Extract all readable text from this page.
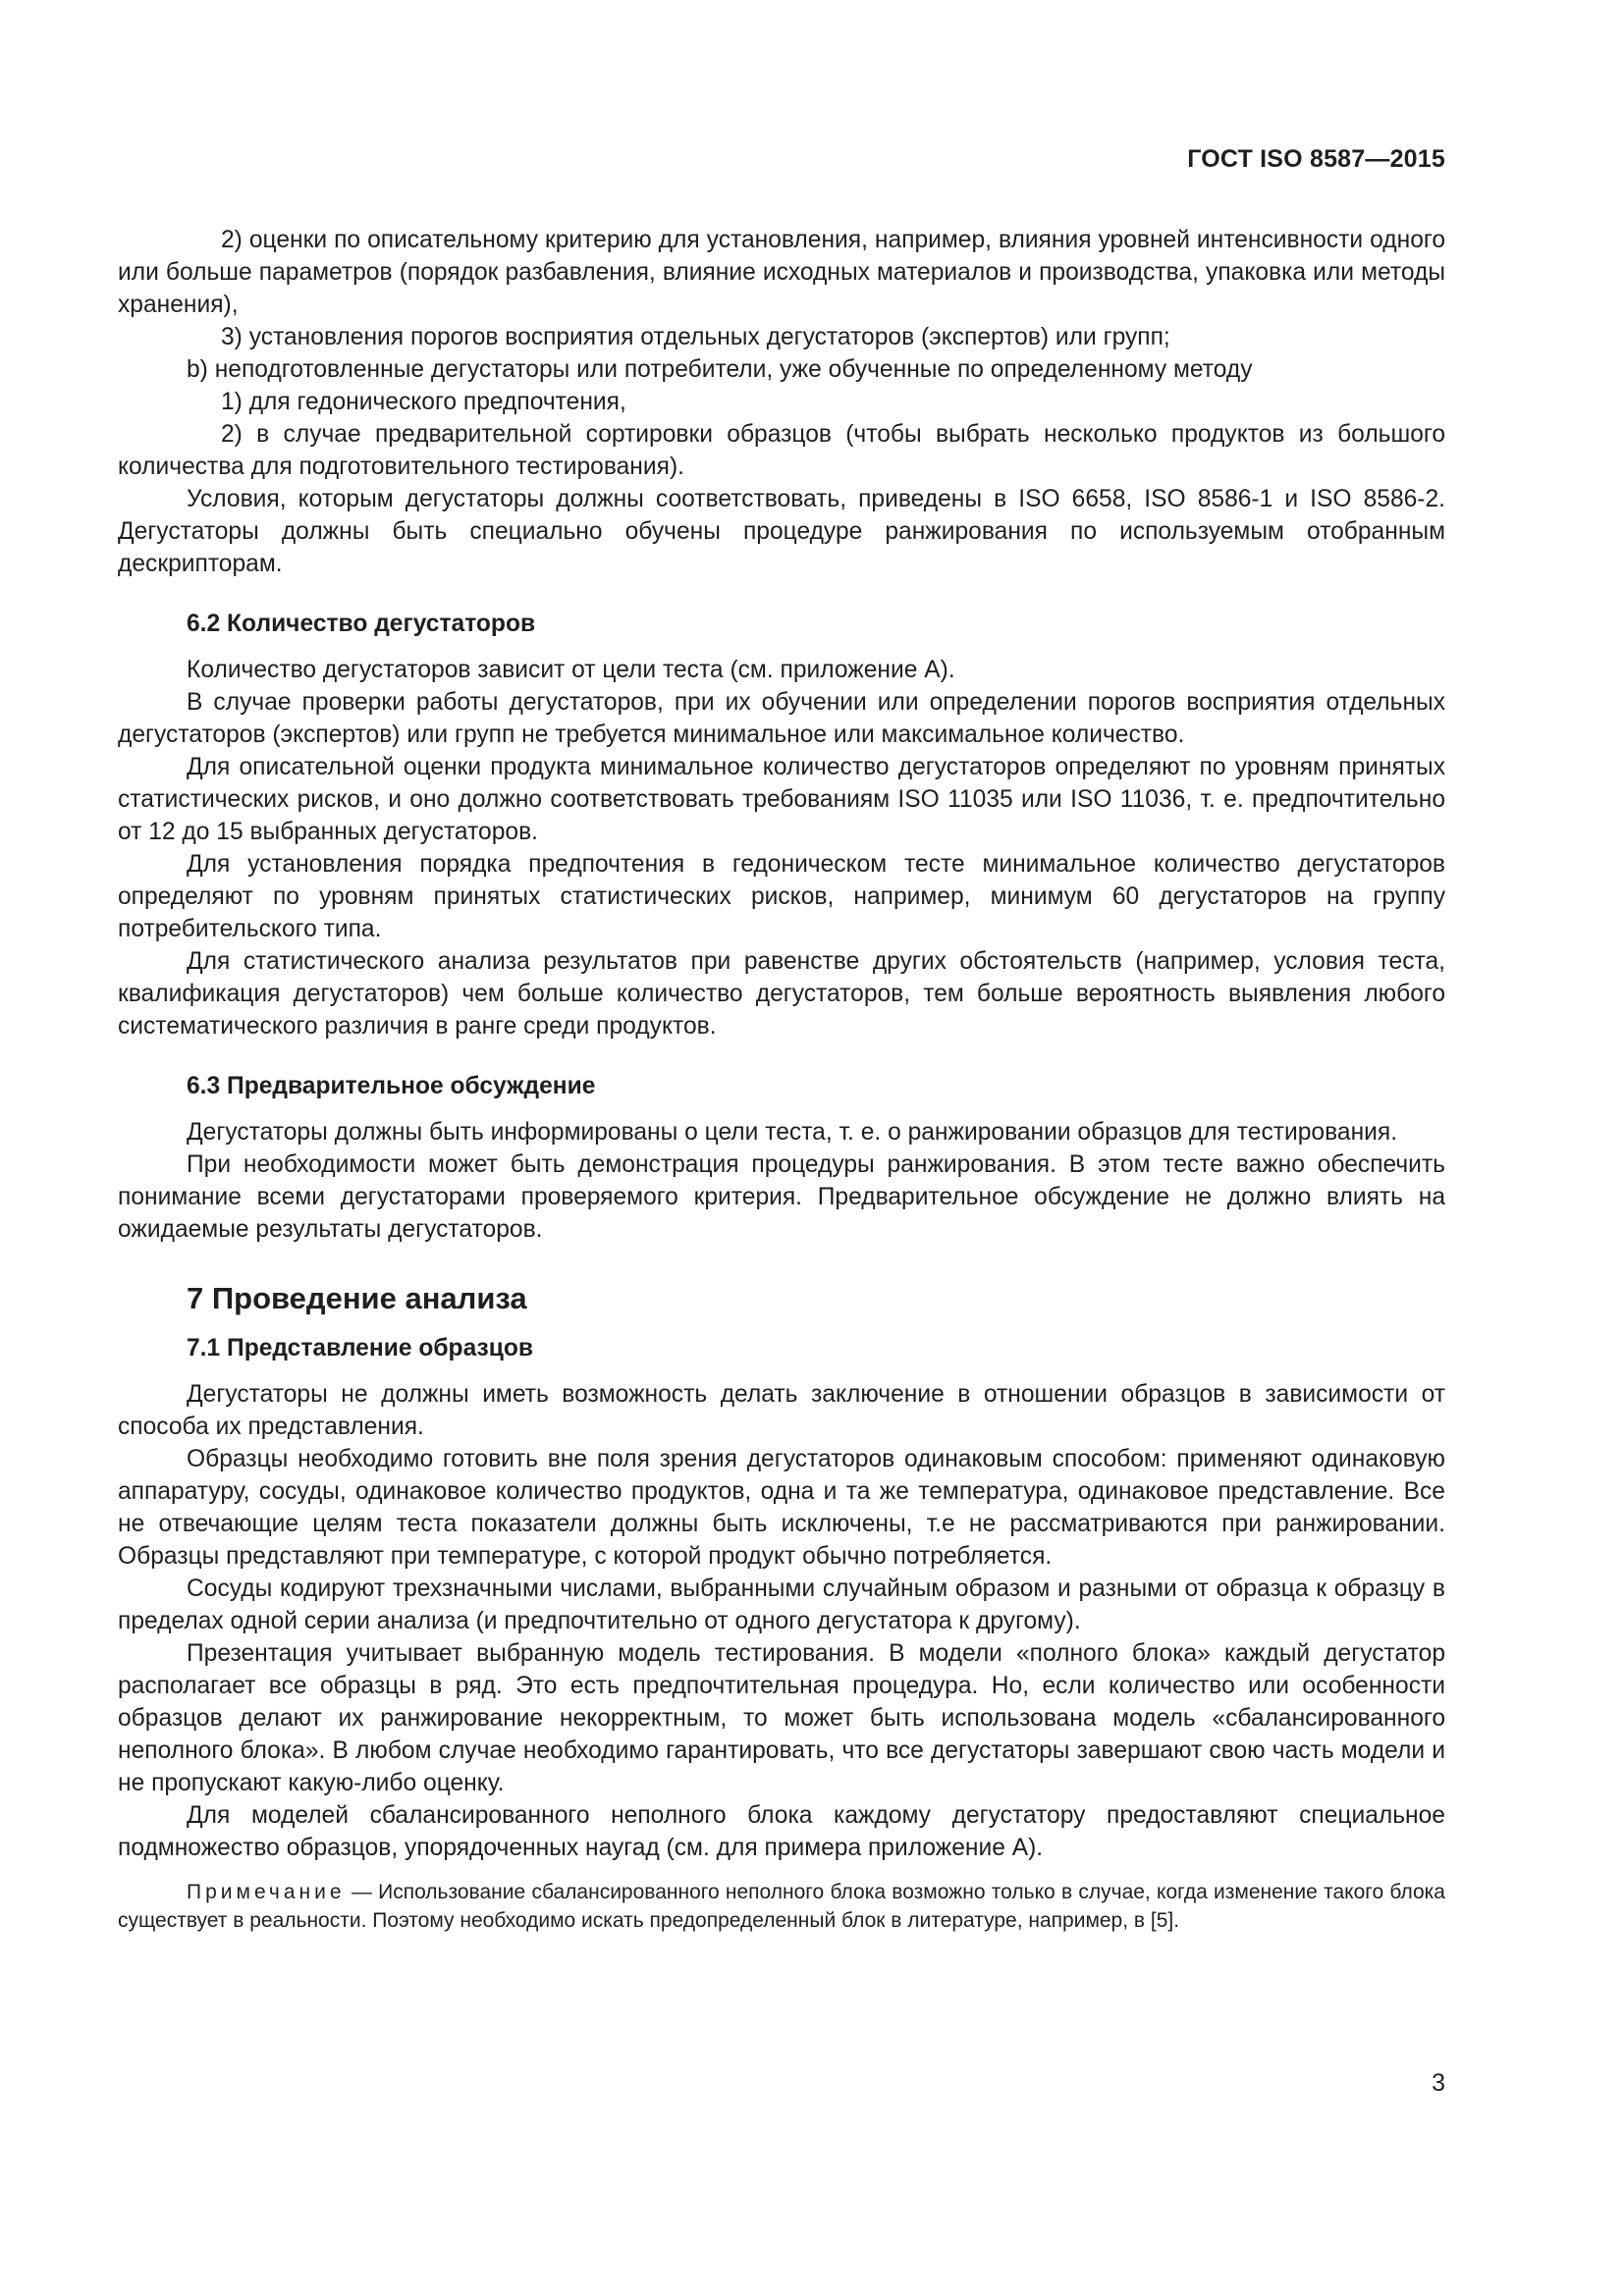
ГОСТ ISO 8587—2015

2) оценки по описательному критерию для установления, например, влияния уровней интенсивности одного или больше параметров (порядок разбавления, влияние исходных материалов и производства, упаковка или методы хранения),

3) установления порогов восприятия отдельных дегустаторов (экспертов) или групп;

b) неподготовленные дегустаторы или потребители, уже обученные по определенному методу

1) для гедонического предпочтения,

2) в случае предварительной сортировки образцов (чтобы выбрать несколько продуктов из большого количества для подготовительного тестирования).

Условия, которым дегустаторы должны соответствовать, приведены в ISO 6658, ISO 8586-1 и ISO 8586-2. Дегустаторы должны быть специально обучены процедуре ранжирования по используемым отобранным дескрипторам.

6.2 Количество дегустаторов

Количество дегустаторов зависит от цели теста (см. приложение А).

В случае проверки работы дегустаторов, при их обучении или определении порогов восприятия отдельных дегустаторов (экспертов) или групп не требуется минимальное или максимальное количество.

Для описательной оценки продукта минимальное количество дегустаторов определяют по уровням принятых статистических рисков, и оно должно соответствовать требованиям ISO 11035 или ISO 11036, т. е. предпочтительно от 12 до 15 выбранных дегустаторов.

Для установления порядка предпочтения в гедоническом тесте минимальное количество дегустаторов определяют по уровням принятых статистических рисков, например, минимум 60 дегустаторов на группу потребительского типа.

Для статистического анализа результатов при равенстве других обстоятельств (например, условия теста, квалификация дегустаторов) чем больше количество дегустаторов, тем больше вероятность выявления любого систематического различия в ранге среди продуктов.

6.3 Предварительное обсуждение

Дегустаторы должны быть информированы о цели теста, т. е. о ранжировании образцов для тестирования.

При необходимости может быть демонстрация процедуры ранжирования. В этом тесте важно обеспечить понимание всеми дегустаторами проверяемого критерия. Предварительное обсуждение не должно влиять на ожидаемые результаты дегустаторов.

7 Проведение анализа

7.1 Представление образцов

Дегустаторы не должны иметь возможность делать заключение в отношении образцов в зависимости от способа их представления.

Образцы необходимо готовить вне поля зрения дегустаторов одинаковым способом: применяют одинаковую аппаратуру, сосуды, одинаковое количество продуктов, одна и та же температура, одинаковое представление. Все не отвечающие целям теста показатели должны быть исключены, т.е не рассматриваются при ранжировании. Образцы представляют при температуре, с которой продукт обычно потребляется.

Сосуды кодируют трехзначными числами, выбранными случайным образом и разными от образца к образцу в пределах одной серии анализа (и предпочтительно от одного дегустатора к другому).

Презентация учитывает выбранную модель тестирования. В модели «полного блока» каждый дегустатор располагает все образцы в ряд. Это есть предпочтительная процедура. Но, если количество или особенности образцов делают их ранжирование некорректным, то может быть использована модель «сбалансированного неполного блока». В любом случае необходимо гарантировать, что все дегустаторы завершают свою часть модели и не пропускают какую-либо оценку.

Для моделей сбалансированного неполного блока каждому дегустатору предоставляют специальное подмножество образцов, упорядоченных наугад (см. для примера приложение А).

Примечание — Использование сбалансированного неполного блока возможно только в случае, когда изменение такого блока существует в реальности. Поэтому необходимо искать предопределенный блок в литературе, например, в [5].

3
